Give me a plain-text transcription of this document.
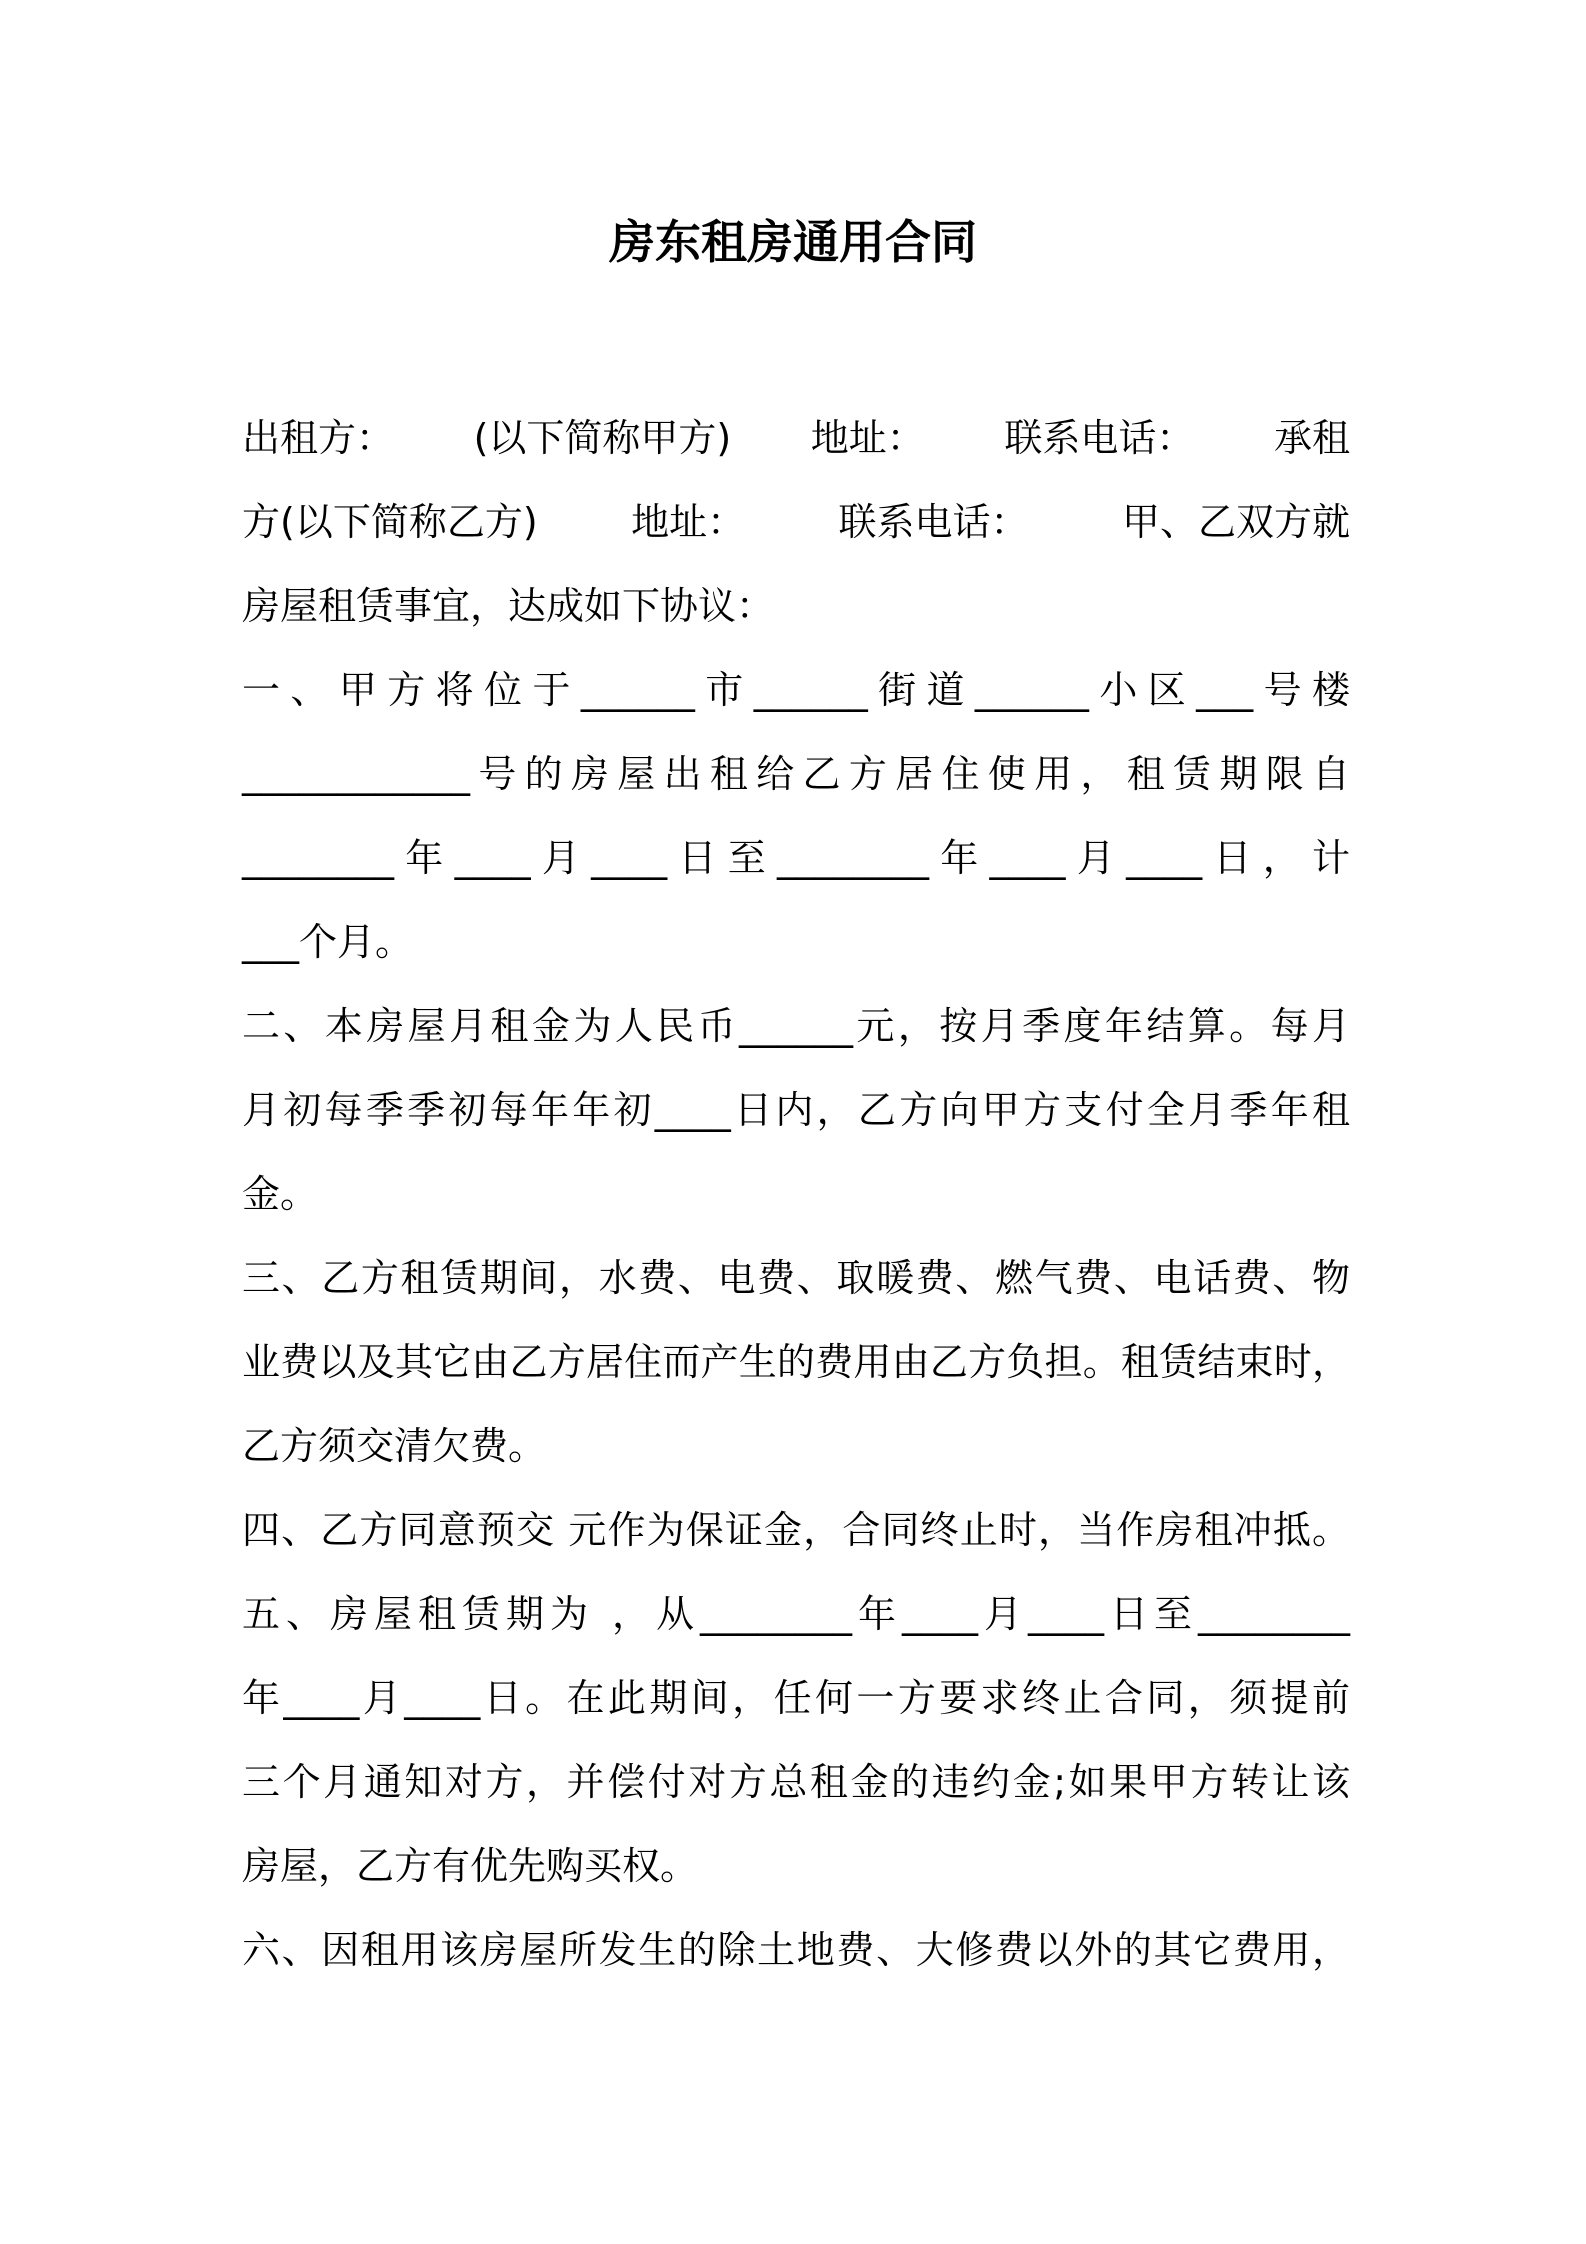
房东租房通用合同
出租方： (以下简称甲方) 地址： 联系电话： 承租
方(以下简称乙方) 地址： 联系电话： 甲、乙双方就
房屋租赁事宜，达成如下协议：
一、甲方将位于______市______街道______小区___号楼
____________号的房屋出租给乙方居住使用，租赁期限自
________年____月____日至________年____月____日，计
___个月。
二、本房屋月租金为人民币______元，按月季度年结算。每月
月初每季季初每年年初____日内，乙方向甲方支付全月季年租
金。
三、乙方租赁期间，水费、电费、取暖费、燃气费、电话费、物
业费以及其它由乙方居住而产生的费用由乙方负担。租赁结束时，
乙方须交清欠费。
四、乙方同意预交 元作为保证金，合同终止时，当作房租冲抵。
五、房屋租赁期为 ，从________年____月____日至________
年____月____日。在此期间，任何一方要求终止合同，须提前
三个月通知对方，并偿付对方总租金的违约金;如果甲方转让该
房屋，乙方有优先购买权。
六、因租用该房屋所发生的除土地费、大修费以外的其它费用，
